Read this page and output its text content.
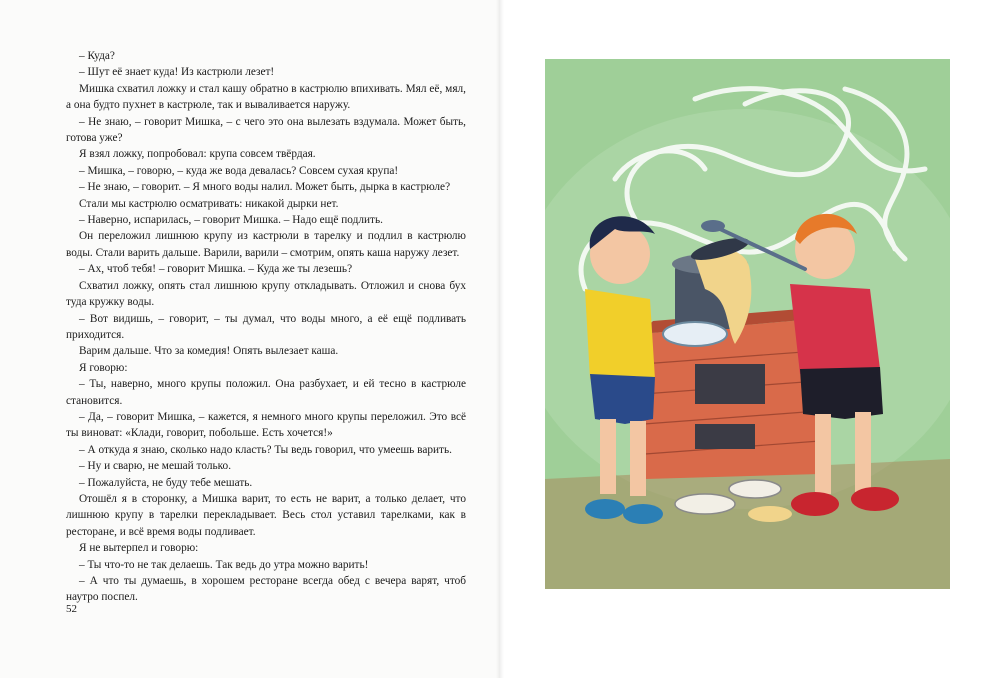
– Куда?

– Шут её знает куда! Из кастрюли лезет!

Мишка схватил ложку и стал кашу обратно в кастрюлю впихивать. Мял её, мял, а она будто пухнет в кастрюле, так и вываливается наружу.

– Не знаю, – говорит Мишка, – с чего это она вылезать вздумала. Может быть, готова уже?

Я взял ложку, попробовал: крупа совсем твёрдая.

– Мишка, – говорю, – куда же вода девалась? Совсем сухая крупа!

– Не знаю, – говорит. – Я много воды налил. Может быть, дырка в кастрюле?

Стали мы кастрюлю осматривать: никакой дырки нет.

– Наверно, испарилась, – говорит Мишка. – Надо ещё подлить.

Он переложил лишнюю крупу из кастрюли в тарелку и подлил в кастрюлю воды. Стали варить дальше. Варили, варили – смотрим, опять каша наружу лезет.

– Ах, чтоб тебя! – говорит Мишка. – Куда же ты лезешь?

Схватил ложку, опять стал лишнюю крупу откладывать. Отложил и снова бух туда кружку воды.

– Вот видишь, – говорит, – ты думал, что воды много, а её ещё подливать приходится.

Варим дальше. Что за комедия! Опять вылезает каша.

Я говорю:

– Ты, наверно, много крупы положил. Она разбухает, и ей тесно в кастрюле становится.

– Да, – говорит Мишка, – кажется, я немного много крупы переложил. Это всё ты виноват: «Клади, говорит, побольше. Есть хочется!»

– А откуда я знаю, сколько надо класть? Ты ведь говорил, что умеешь варить.

– Ну и сварю, не мешай только.

– Пожалуйста, не буду тебе мешать.

Отошёл я в сторонку, а Мишка варит, то есть не варит, а только делает, что лишнюю крупу в тарелки перекладывает. Весь стол уставил тарелками, как в ресторане, и всё время воды подливает.

Я не вытерпел и говорю:

– Ты что-то не так делаешь. Так ведь до утра можно варить!

– А что ты думаешь, в хорошем ресторане всегда обед с вечера варят, чтоб наутро поспел.

52
